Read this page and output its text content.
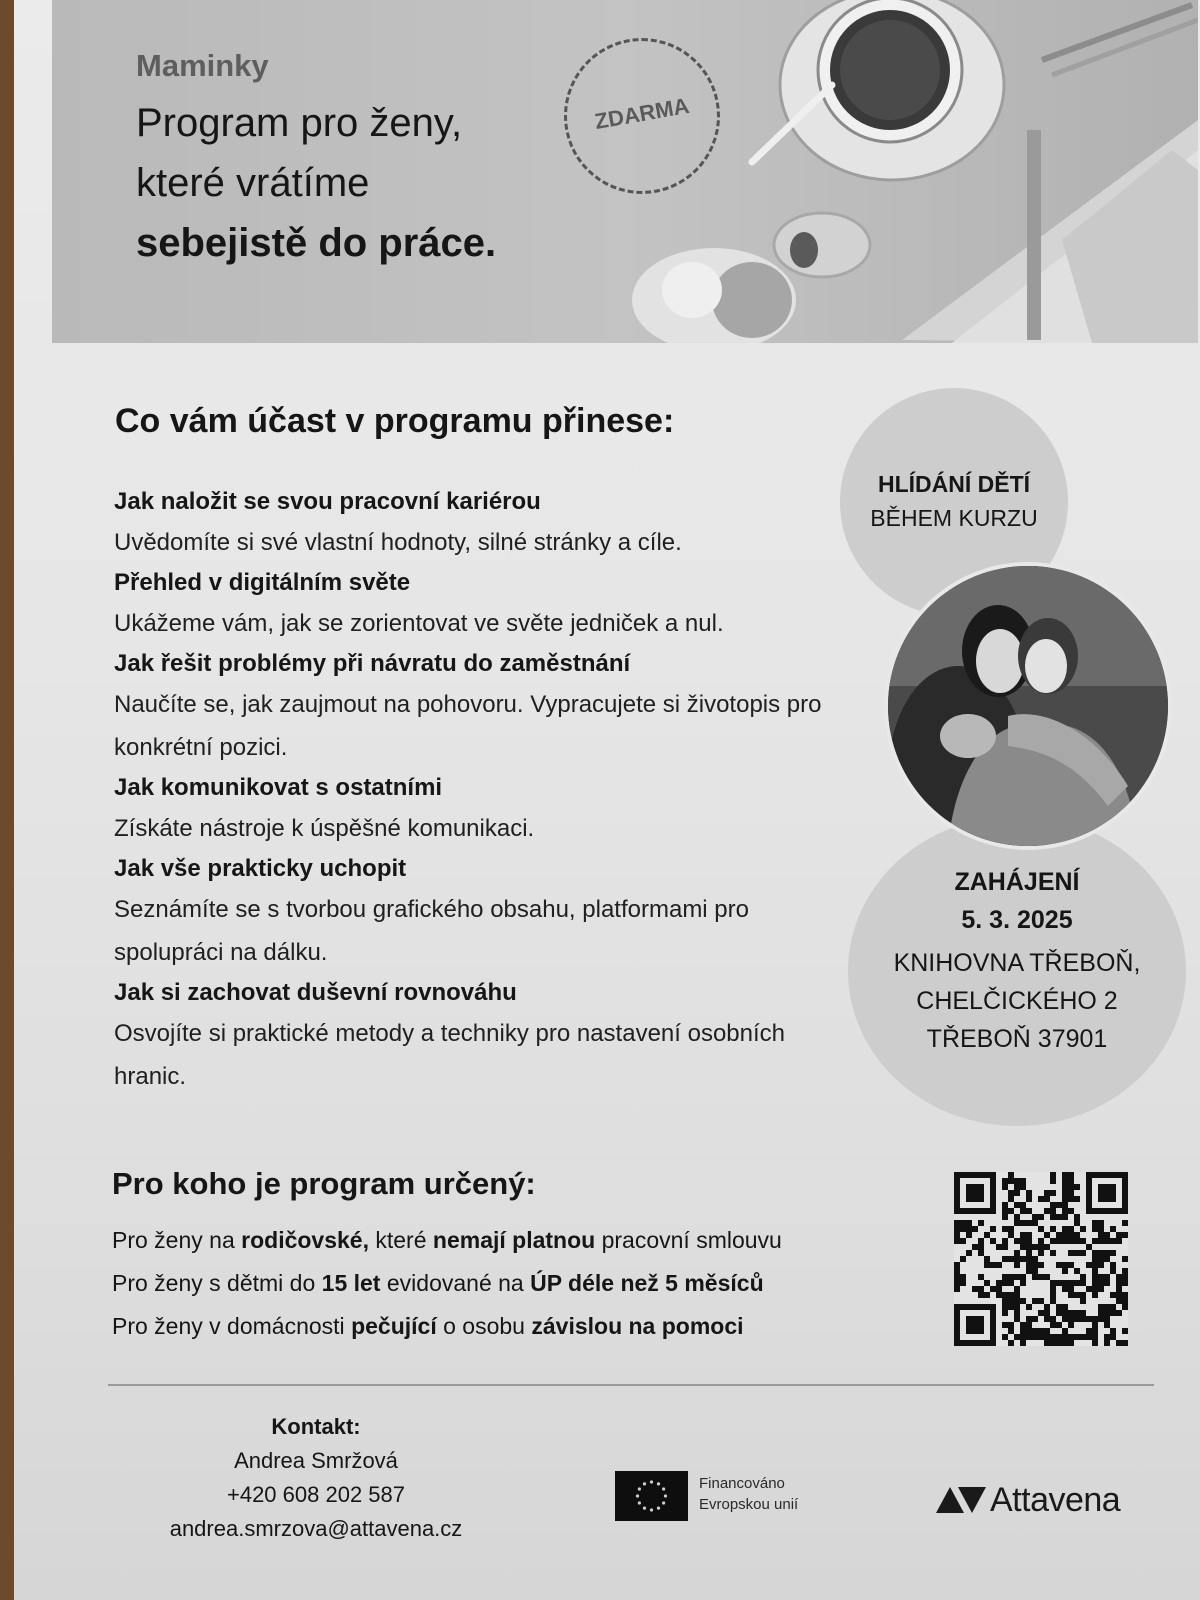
Maminky
Program pro ženy,
které vrátíme
sebejistě do práce.
ZDARMA
Co vám účast v programu přinese:
Jak naložit se svou pracovní kariérou

Uvědomíte si své vlastní hodnoty, silné stránky a cíle.

Přehled v digitálním světe

Ukážeme vám, jak se zorientovat ve světe jedniček a nul.

Jak řešit problémy při návratu do zaměstnání

Naučíte se, jak zaujmout na pohovoru. Vypracujete si životopis pro konkrétní pozici.

Jak komunikovat s ostatními

Získáte nástroje k úspěšné komunikaci.

Jak vše prakticky uchopit

Seznámíte se s tvorbou grafického obsahu, platformami pro spolupráci na dálku.

Jak si zachovat duševní rovnováhu

Osvojíte si praktické metody a techniky pro nastavení osobních hranic.

HLÍDÁNÍ DĚTÍ
BĚHEM KURZU
ZAHÁJENÍ
5. 3. 2025
KNIHOVNA TŘEBOŇ,
CHELČICKÉHO 2
TŘEBOŇ 37901
Pro koho je program určený:

Pro ženy na rodičovské, které nemají platnou pracovní smlouvu

Pro ženy s dětmi do 15 let evidované na ÚP déle než 5 měsíců

Pro ženy v domácnosti pečující o osobu závislou na pomoci

Kontakt:
Andrea Smržová
+420 608 202 587
andrea.smrzova@attavena.cz
Financováno
Evropskou unií	Attavena
